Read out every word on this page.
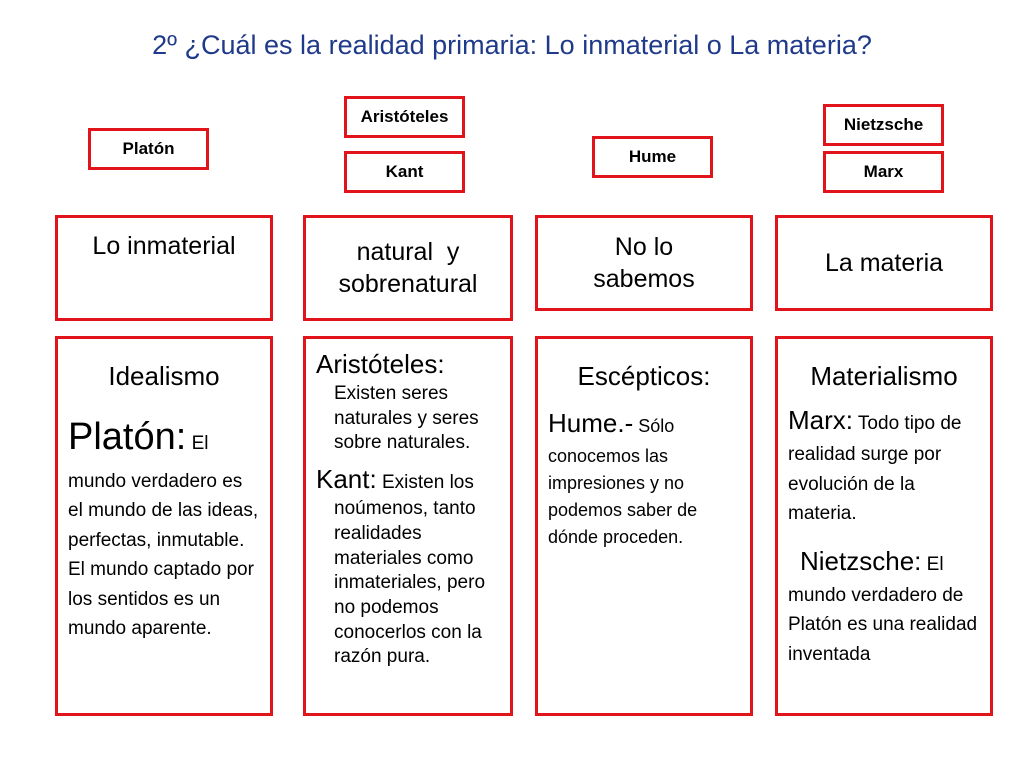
2º ¿Cuál es la realidad primaria: Lo inmaterial o La materia?
Platón
Aristóteles
Kant
Hume
Nietzsche
Marx
Lo inmaterial	natural  y

sobrenatural

No lo

sabemos

La materia
Idealismo

Platón: El mundo verdadero es el mundo de las ideas, perfectas, inmutable. El mundo captado por los sentidos es un mundo aparente.

Aristóteles:

Existen seres naturales y seres sobre naturales.

Kant: Existen los

noúmenos, tanto realidades materiales como inmateriales, pero no podemos conocerlos con la razón pura.

Escépticos:

Hume.- Sólo conocemos las impresiones y no podemos saber de dónde proceden.

Materialismo

Marx: Todo tipo de realidad surge por evolución de la materia.

Nietzsche: El mundo verdadero de Platón es una realidad inventada
